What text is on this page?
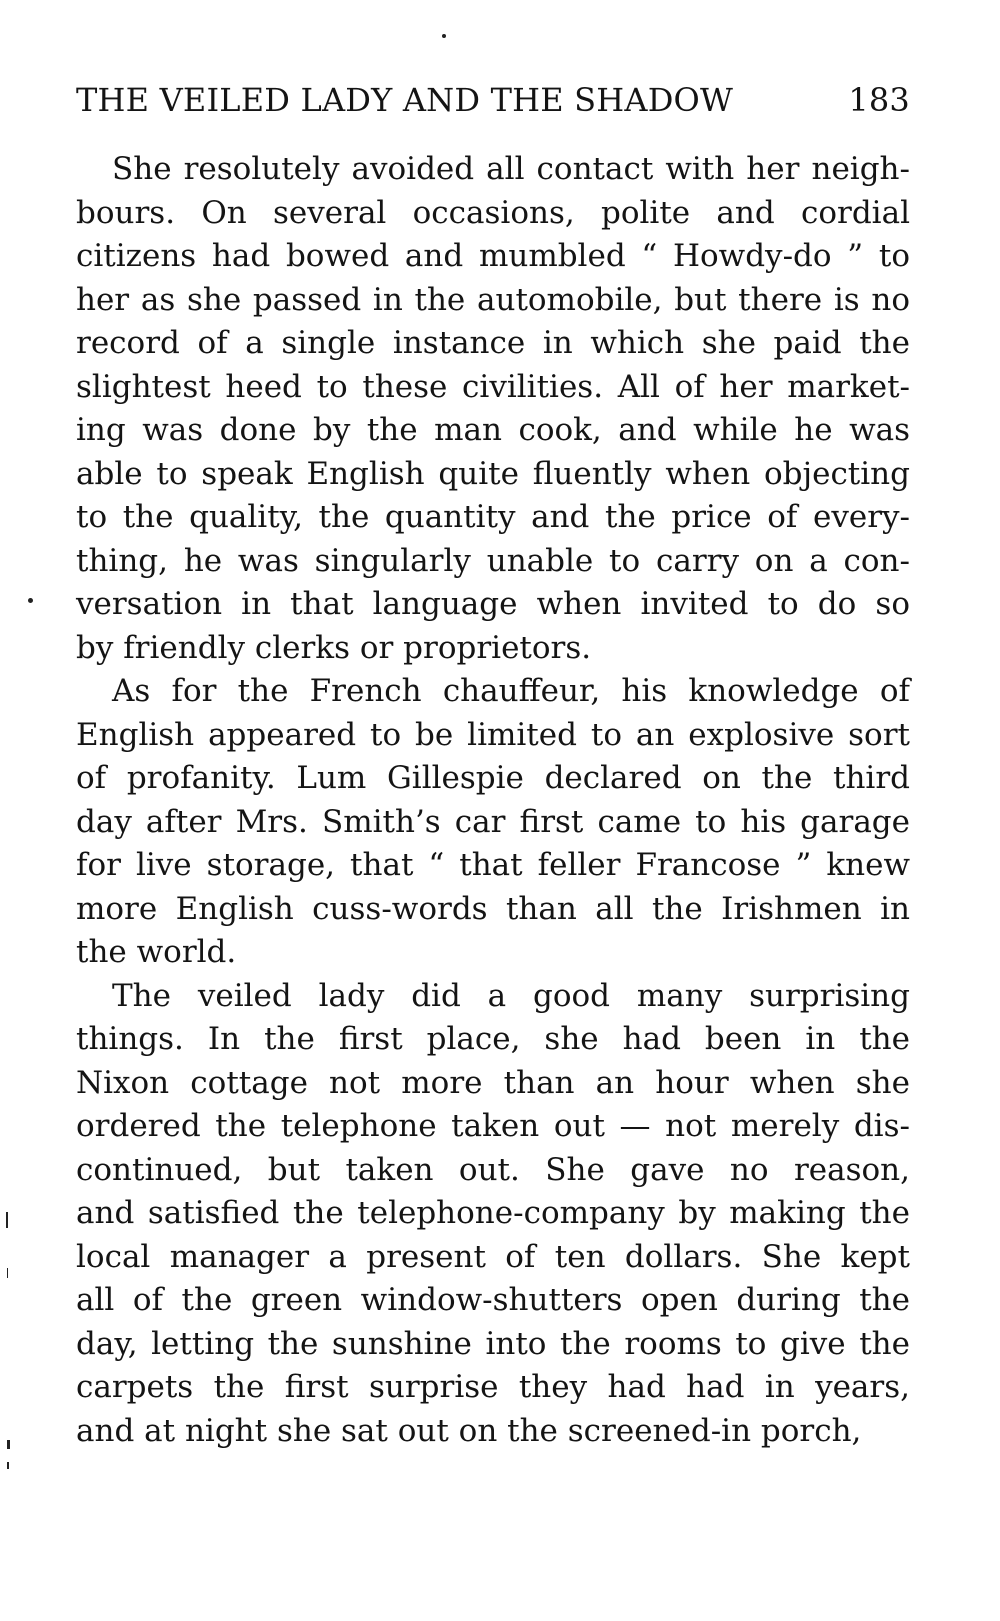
THE VEILED LADY AND THE SHADOW	183
She resolutely avoided all contact with her neigh-
bours. On several occasions, polite and cordial
citizens had bowed and mumbled “ Howdy-do ” to
her as she passed in the automobile, but there is no
record of a single instance in which she paid the
slightest heed to these civilities. All of her market-
ing was done by the man cook, and while he was
able to speak English quite fluently when objecting
to the quality, the quantity and the price of every-
thing, he was singularly unable to carry on a con-
versation in that language when invited to do so
by friendly clerks or proprietors.
As for the French chauffeur, his knowledge of
English appeared to be limited to an explosive sort
of profanity. Lum Gillespie declared on the third
day after Mrs. Smith’s car first came to his garage
for live storage, that “ that feller Francose ” knew
more English cuss-words than all the Irishmen in
the world.
The veiled lady did a good many surprising
things. In the first place, she had been in the
Nixon cottage not more than an hour when she
ordered the telephone taken out — not merely dis-
continued, but taken out. She gave no reason,
and satisfied the telephone-company by making the
local manager a present of ten dollars. She kept
all of the green window-shutters open during the
day, letting the sunshine into the rooms to give the
carpets the first surprise they had had in years,
and at night she sat out on the screened-in porch,
